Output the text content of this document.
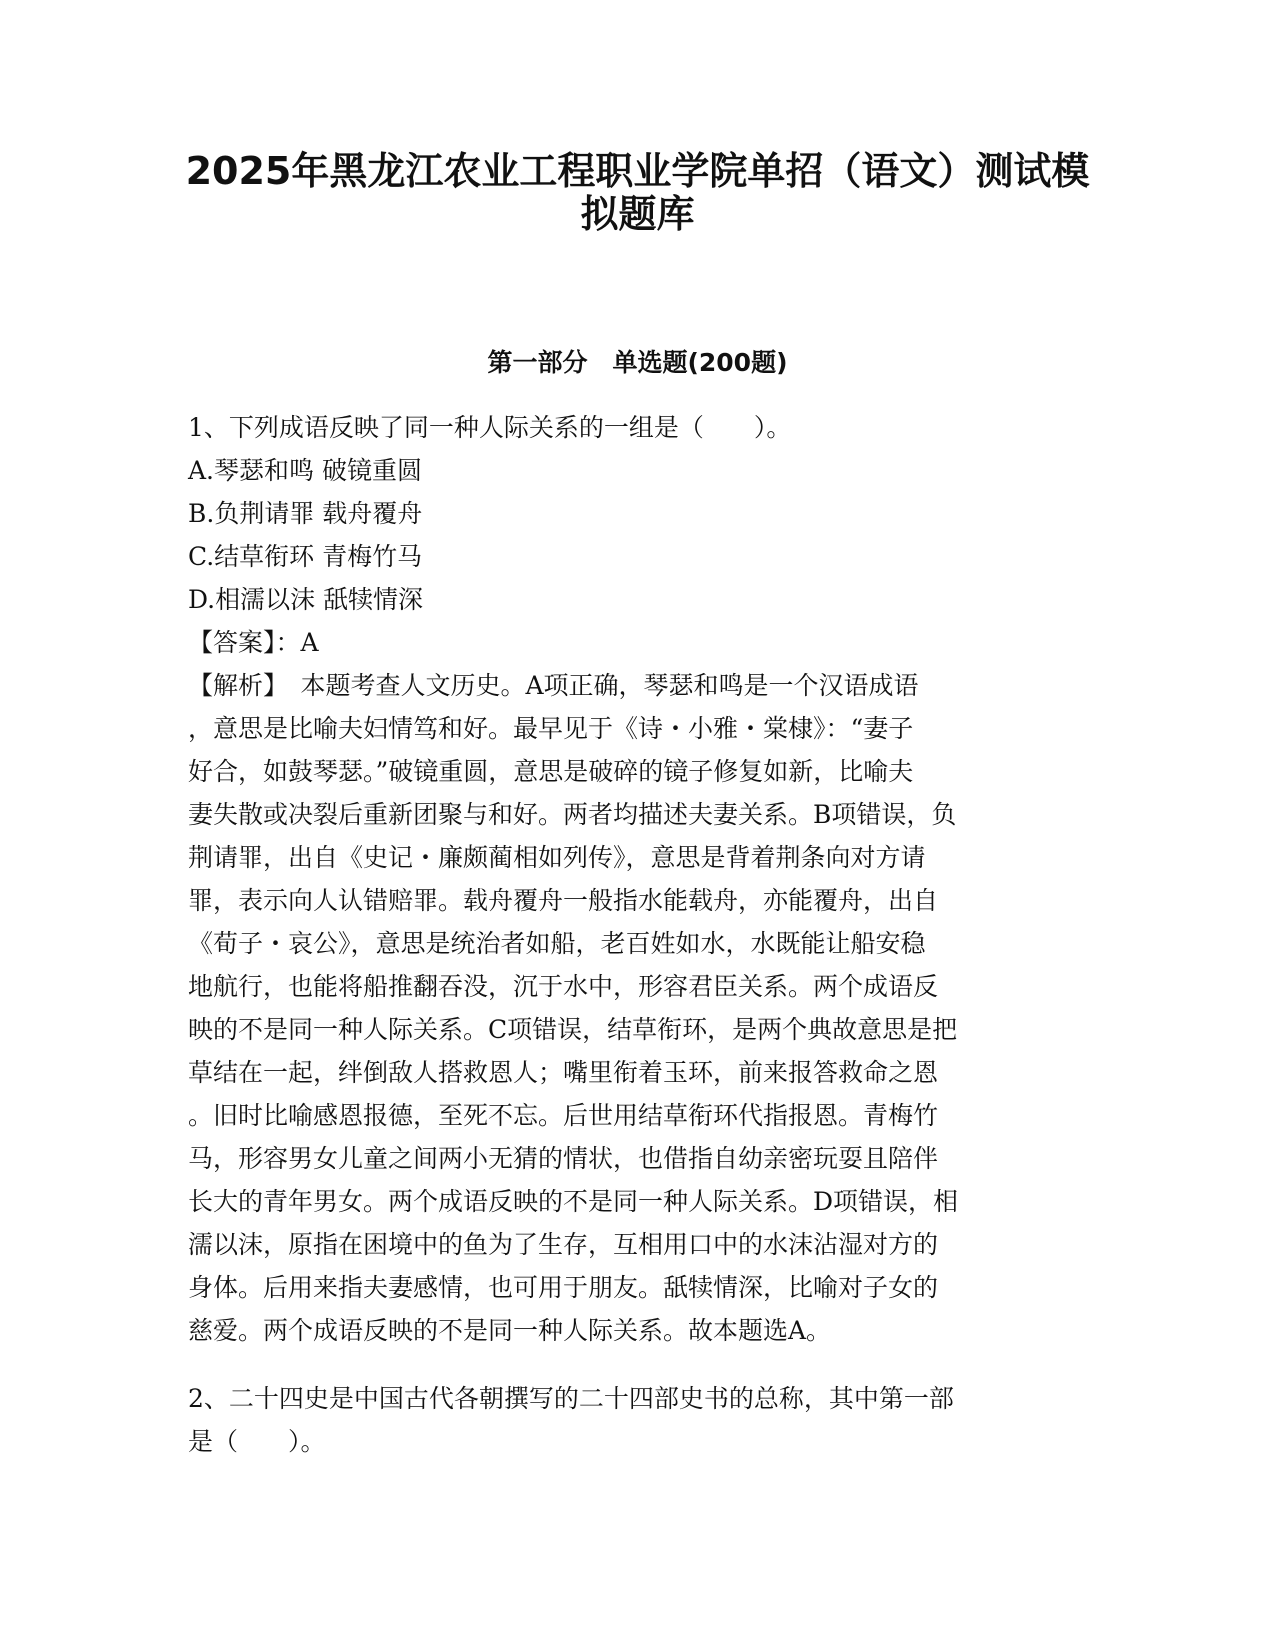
2025年黑龙江农业工程职业学院单招（语文）测试模
拟题库
第一部分　单选题(200题)
1、下列成语反映了同一种人际关系的一组是（　　）。
A.琴瑟和鸣 破镜重圆
B.负荆请罪 载舟覆舟
C.结草衔环 青梅竹马
D.相濡以沫 舐犊情深
【答案】：A
【解析】　本题考查人文历史。A项正确，琴瑟和鸣是一个汉语成语
，意思是比喻夫妇情笃和好。最早见于《诗・小雅・棠棣》：“妻子
好合，如鼓琴瑟。”破镜重圆，意思是破碎的镜子修复如新，比喻夫
妻失散或决裂后重新团聚与和好。两者均描述夫妻关系。B项错误，负
荆请罪，出自《史记・廉颇蔺相如列传》，意思是背着荆条向对方请
罪，表示向人认错赔罪。载舟覆舟一般指水能载舟，亦能覆舟，出自
《荀子・哀公》，意思是统治者如船，老百姓如水，水既能让船安稳
地航行，也能将船推翻吞没，沉于水中，形容君臣关系。两个成语反
映的不是同一种人际关系。C项错误，结草衔环，是两个典故意思是把
草结在一起，绊倒敌人搭救恩人；嘴里衔着玉环，前来报答救命之恩
。旧时比喻感恩报德，至死不忘。后世用结草衔环代指报恩。青梅竹
马，形容男女儿童之间两小无猜的情状，也借指自幼亲密玩耍且陪伴
长大的青年男女。两个成语反映的不是同一种人际关系。D项错误，相
濡以沫，原指在困境中的鱼为了生存，互相用口中的水沫沾湿对方的
身体。后用来指夫妻感情，也可用于朋友。舐犊情深，比喻对子女的
慈爱。两个成语反映的不是同一种人际关系。故本题选A。
2、二十四史是中国古代各朝撰写的二十四部史书的总称，其中第一部
是（　　）。
